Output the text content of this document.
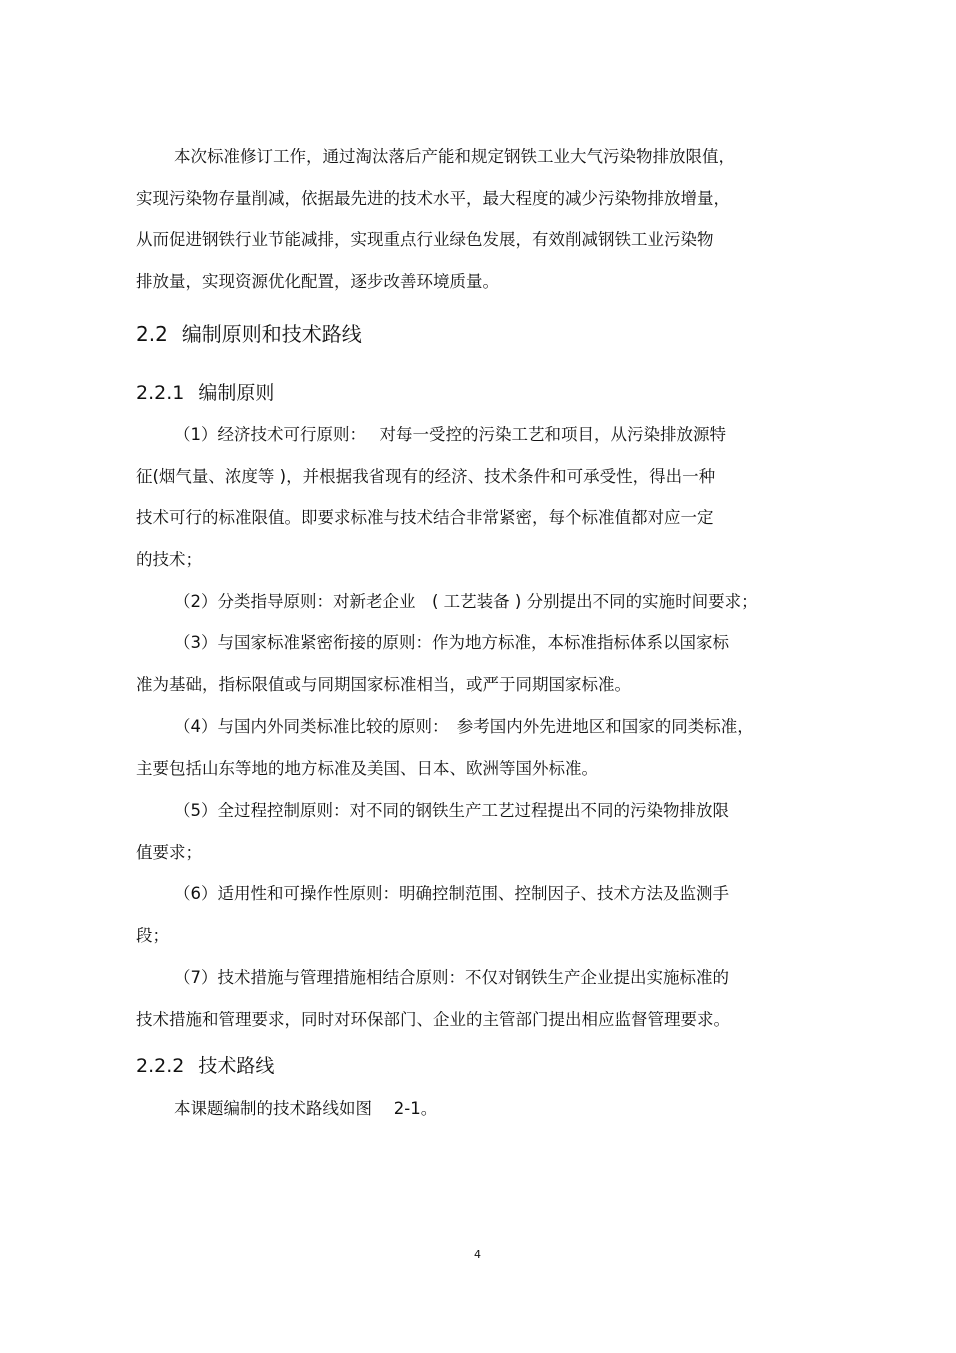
本次标准修订工作，通过淘汰落后产能和规定钢铁工业大气污染物排放限值，
实现污染物存量削减，依据最先进的技术水平，最大程度的减少污染物排放增量，
从而促进钢铁行业节能减排，实现重点行业绿色发展，有效削减钢铁工业污染物
排放量，实现资源优化配置，逐步改善环境质量。
2.2 编制原则和技术路线
2.2.1 编制原则
（1）经济技术可行原则：　 对每一受控的污染工艺和项目，从污染排放源特
征(烟气量、浓度等 )，并根据我省现有的经济、技术条件和可承受性，得出一种
技术可行的标准限值。即要求标准与技术结合非常紧密，每个标准值都对应一定
的技术；
（2）分类指导原则：对新老企业　( 工艺装备 ) 分别提出不同的实施时间要求；
（3）与国家标准紧密衔接的原则：作为地方标准，本标准指标体系以国家标
准为基础，指标限值或与同期国家标准相当，或严于同期国家标准。
（4）与国内外同类标准比较的原则：　参考国内外先进地区和国家的同类标准，
主要包括山东等地的地方标准及美国、日本、欧洲等国外标准。
（5）全过程控制原则：对不同的钢铁生产工艺过程提出不同的污染物排放限
值要求；
（6）适用性和可操作性原则：明确控制范围、控制因子、技术方法及监测手
段；
（7）技术措施与管理措施相结合原则：不仅对钢铁生产企业提出实施标准的
技术措施和管理要求，同时对环保部门、企业的主管部门提出相应监督管理要求。
2.2.2 技术路线
本课题编制的技术路线如图　 2-1。
4
